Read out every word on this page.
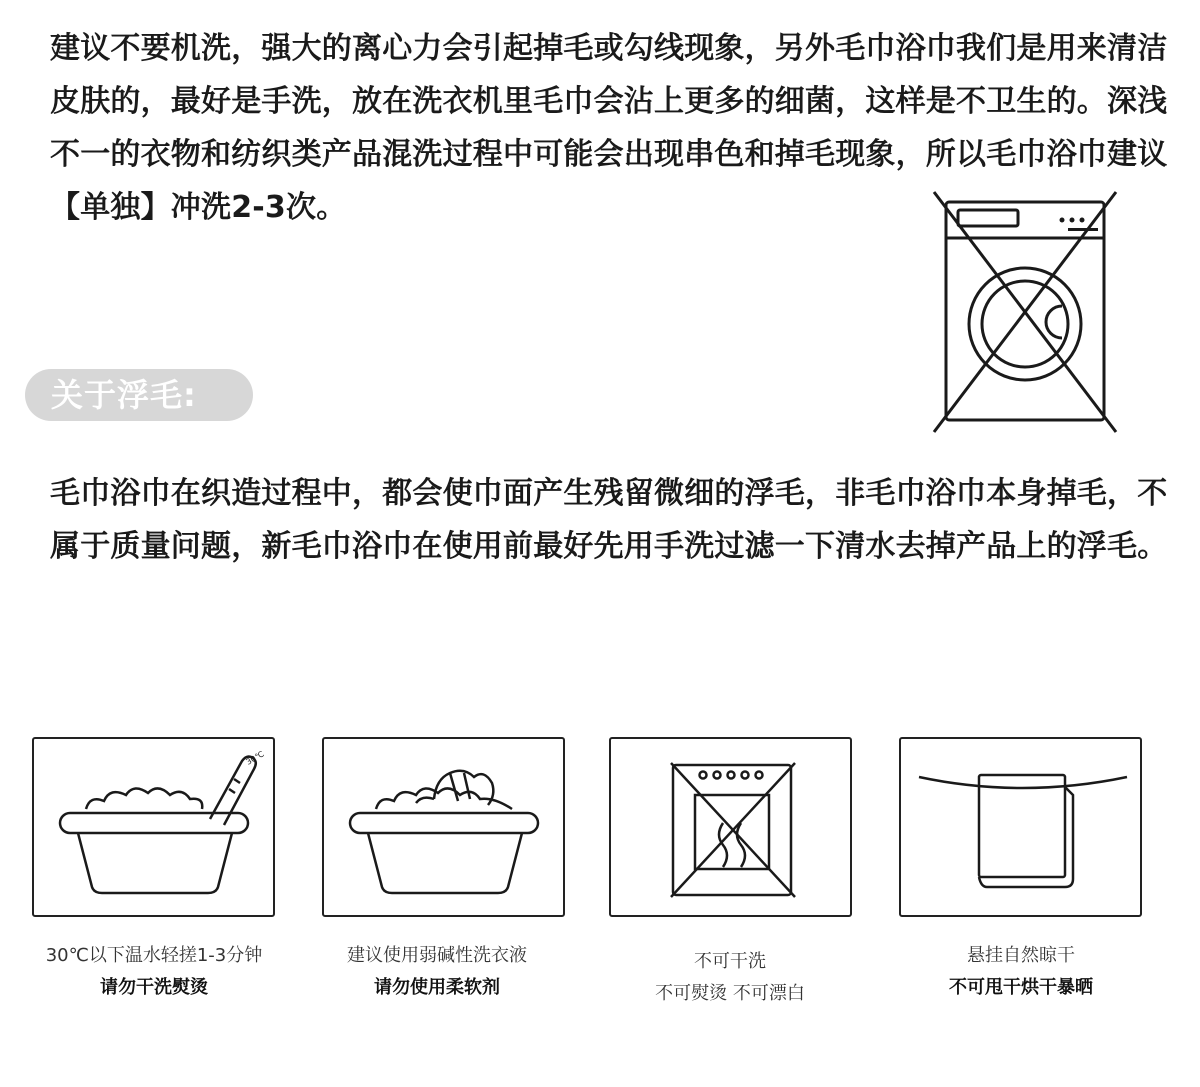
建议不要机洗，强大的离心力会引起掉毛或勾线现象，另外毛巾浴巾我们是用来清洁皮肤的，最好是手洗，放在洗衣机里毛巾会沾上更多的细菌，这样是不卫生的。深浅不一的衣物和纺织类产品混洗过程中可能会出现串色和掉毛现象，所以毛巾浴巾建议【单独】冲洗2-3次。

关于浮毛:

毛巾浴巾在织造过程中，都会使巾面产生残留微细的浮毛，非毛巾浴巾本身掉毛，不属于质量问题，新毛巾浴巾在使用前最好先用手洗过滤一下清水去掉产品上的浮毛。

30℃
30℃以下温水轻搓1-3分钟
请勿干洗熨烫
建议使用弱碱性洗衣液
请勿使用柔软剂
不可干洗
不可熨烫 不可漂白
悬挂自然晾干
不可甩干烘干暴晒
